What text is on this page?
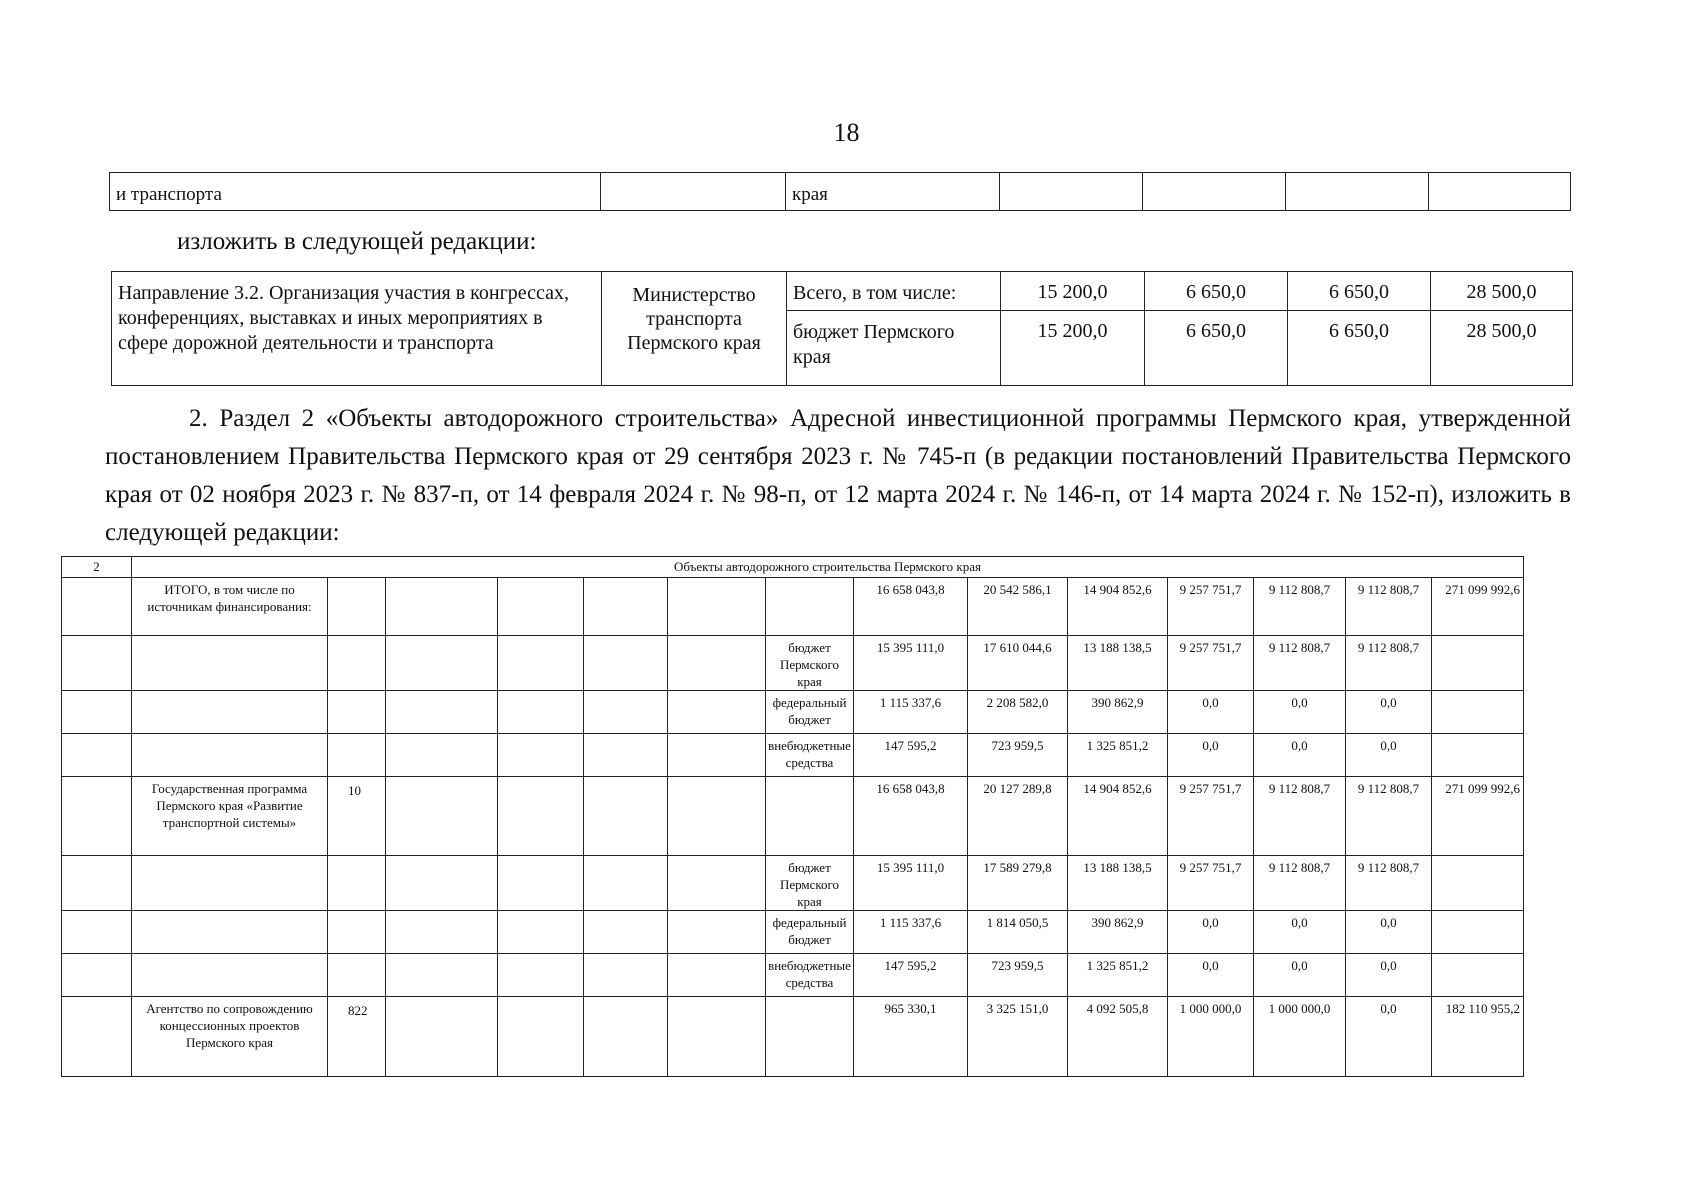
18
и транспорта		края				
изложить в следующей редакции:
Направление 3.2. Организация участия в конгрессах, конференциях, выставках и иных мероприятиях в сфере дорожной деятельности и транспорта	Министерство транспорта Пермского края	Всего, в том числе:	15 200,0	6 650,0	6 650,0	28 500,0
		бюджет Пермского края	15 200,0	6 650,0	6 650,0	28 500,0

2. Раздел 2 «Объекты автодорожного строительства» Адресной инвестиционной программы Пермского края, утвержденной постановлением Правительства Пермского края от 29 сентября 2023 г. № 745-п (в редакции постановлений Правительства Пермского края от 02 ноября 2023 г. № 837-п, от 14 февраля 2024 г. № 98-п, от 12 марта 2024 г. № 146-п, от 14 марта 2024 г. № 152-п), изложить в следующей редакции:

2	Объекты автодорожного строительства Пермского края													
	ИТОГО, в том числе по источникам финансирования:							16 658 043,8	20 542 586,1	14 904 852,6	9 257 751,7	9 112 808,7	9 112 808,7	271 099 992,6
							бюджет Пермского края	15 395 111,0	17 610 044,6	13 188 138,5	9 257 751,7	9 112 808,7	9 112 808,7	
							федеральный бюджет	1 115 337,6	2 208 582,0	390 862,9	0,0	0,0	0,0	
							внебюджетные средства	147 595,2	723 959,5	1 325 851,2	0,0	0,0	0,0	
	Государственная программа Пермского края «Развитие транспортной системы»	10						16 658 043,8	20 127 289,8	14 904 852,6	9 257 751,7	9 112 808,7	9 112 808,7	271 099 992,6
							бюджет Пермского края	15 395 111,0	17 589 279,8	13 188 138,5	9 257 751,7	9 112 808,7	9 112 808,7	
							федеральный бюджет	1 115 337,6	1 814 050,5	390 862,9	0,0	0,0	0,0	
							внебюджетные средства	147 595,2	723 959,5	1 325 851,2	0,0	0,0	0,0	
	Агентство по сопровождению концессионных проектов Пермского края	822						965 330,1	3 325 151,0	4 092 505,8	1 000 000,0	1 000 000,0	0,0	182 110 955,2
